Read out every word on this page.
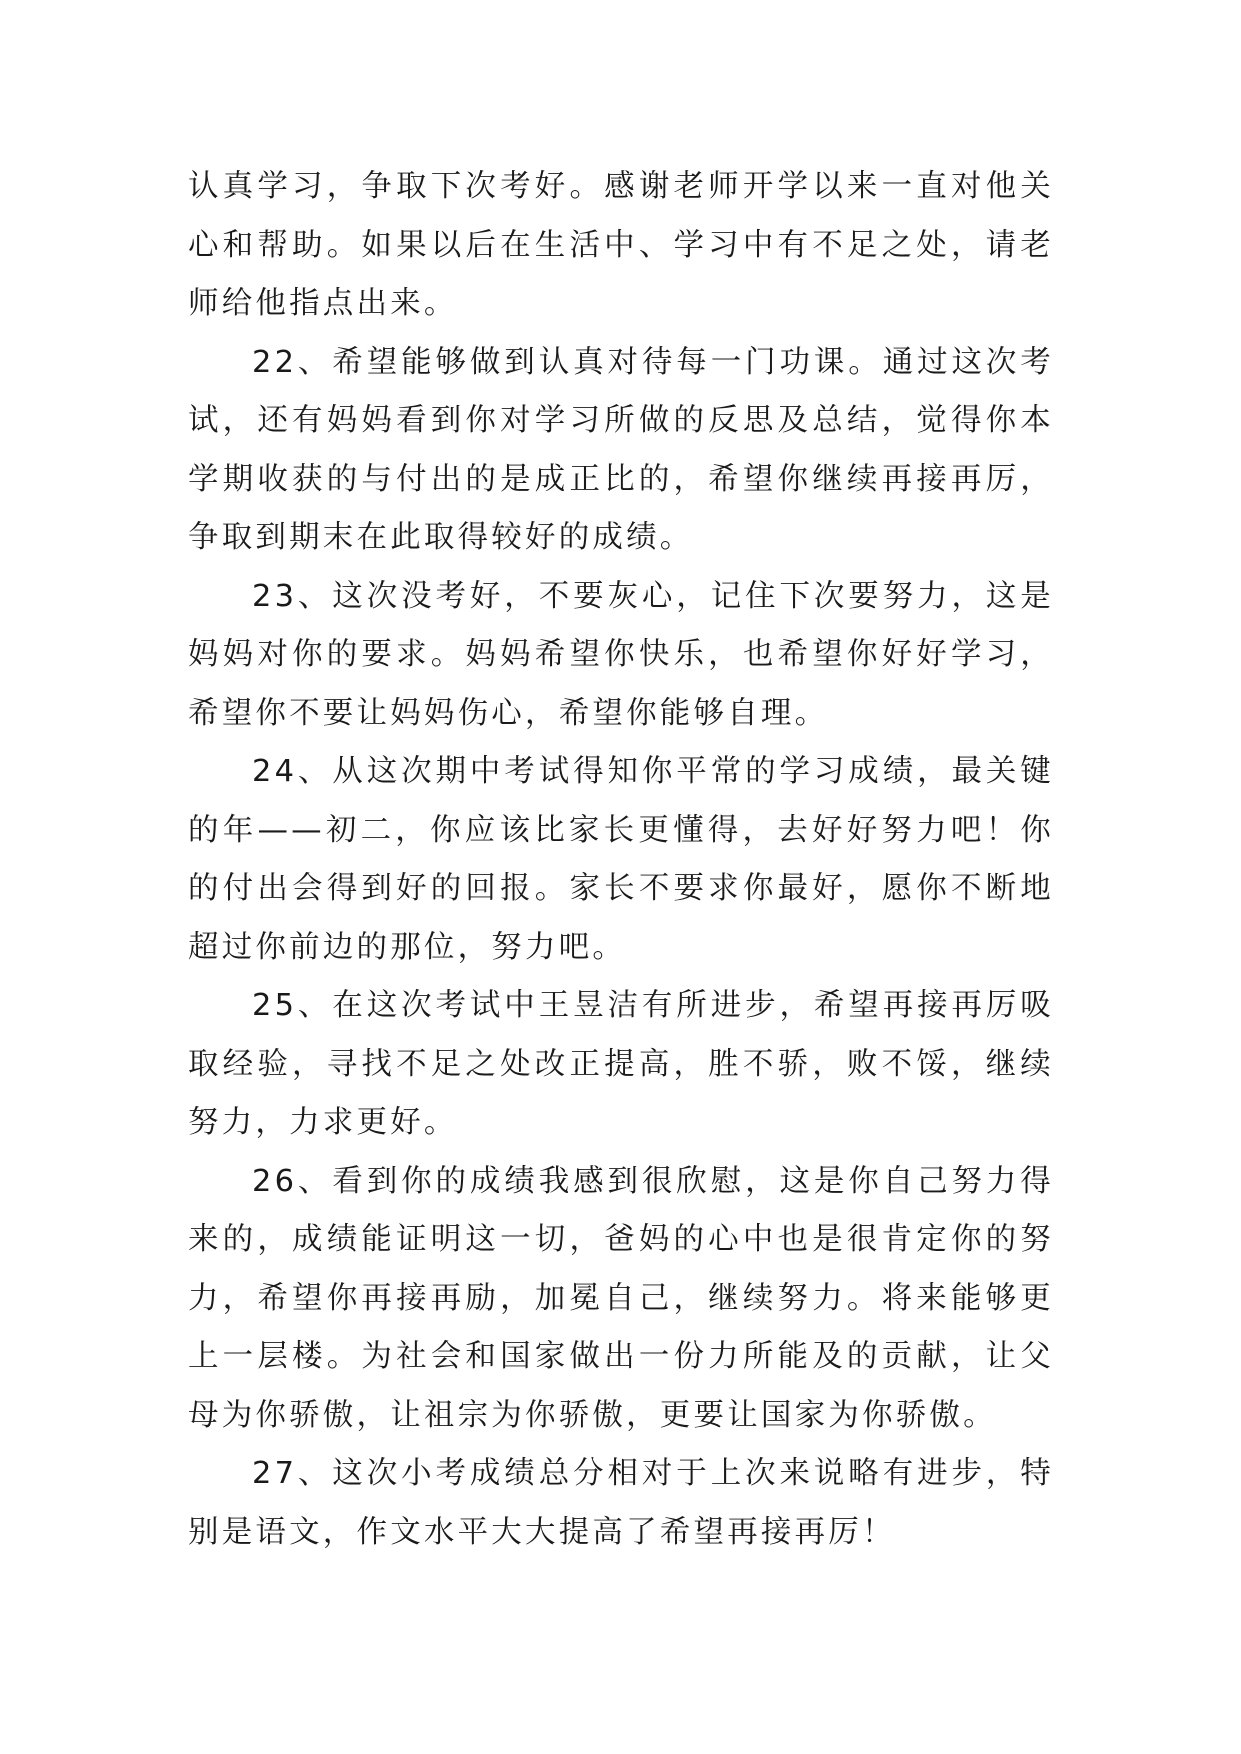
认真学习，争取下次考好。感谢老师开学以来一直对他关心和帮助。如果以后在生活中、学习中有不足之处，请老师给他指点出来。

22、希望能够做到认真对待每一门功课。通过这次考试，还有妈妈看到你对学习所做的反思及总结，觉得你本学期收获的与付出的是成正比的，希望你继续再接再厉，争取到期末在此取得较好的成绩。

23、这次没考好，不要灰心，记住下次要努力，这是妈妈对你的要求。妈妈希望你快乐，也希望你好好学习，希望你不要让妈妈伤心，希望你能够自理。

24、从这次期中考试得知你平常的学习成绩，最关键的年——初二，你应该比家长更懂得，去好好努力吧！你的付出会得到好的回报。家长不要求你最好，愿你不断地超过你前边的那位，努力吧。

25、在这次考试中王昱洁有所进步，希望再接再厉吸取经验，寻找不足之处改正提高，胜不骄，败不馁，继续努力，力求更好。

26、看到你的成绩我感到很欣慰，这是你自己努力得来的，成绩能证明这一切，爸妈的心中也是很肯定你的努力，希望你再接再励，加冕自己，继续努力。将来能够更上一层楼。为社会和国家做出一份力所能及的贡献，让父母为你骄傲，让祖宗为你骄傲，更要让国家为你骄傲。

27、这次小考成绩总分相对于上次来说略有进步，特别是语文，作文水平大大提高了希望再接再厉！
